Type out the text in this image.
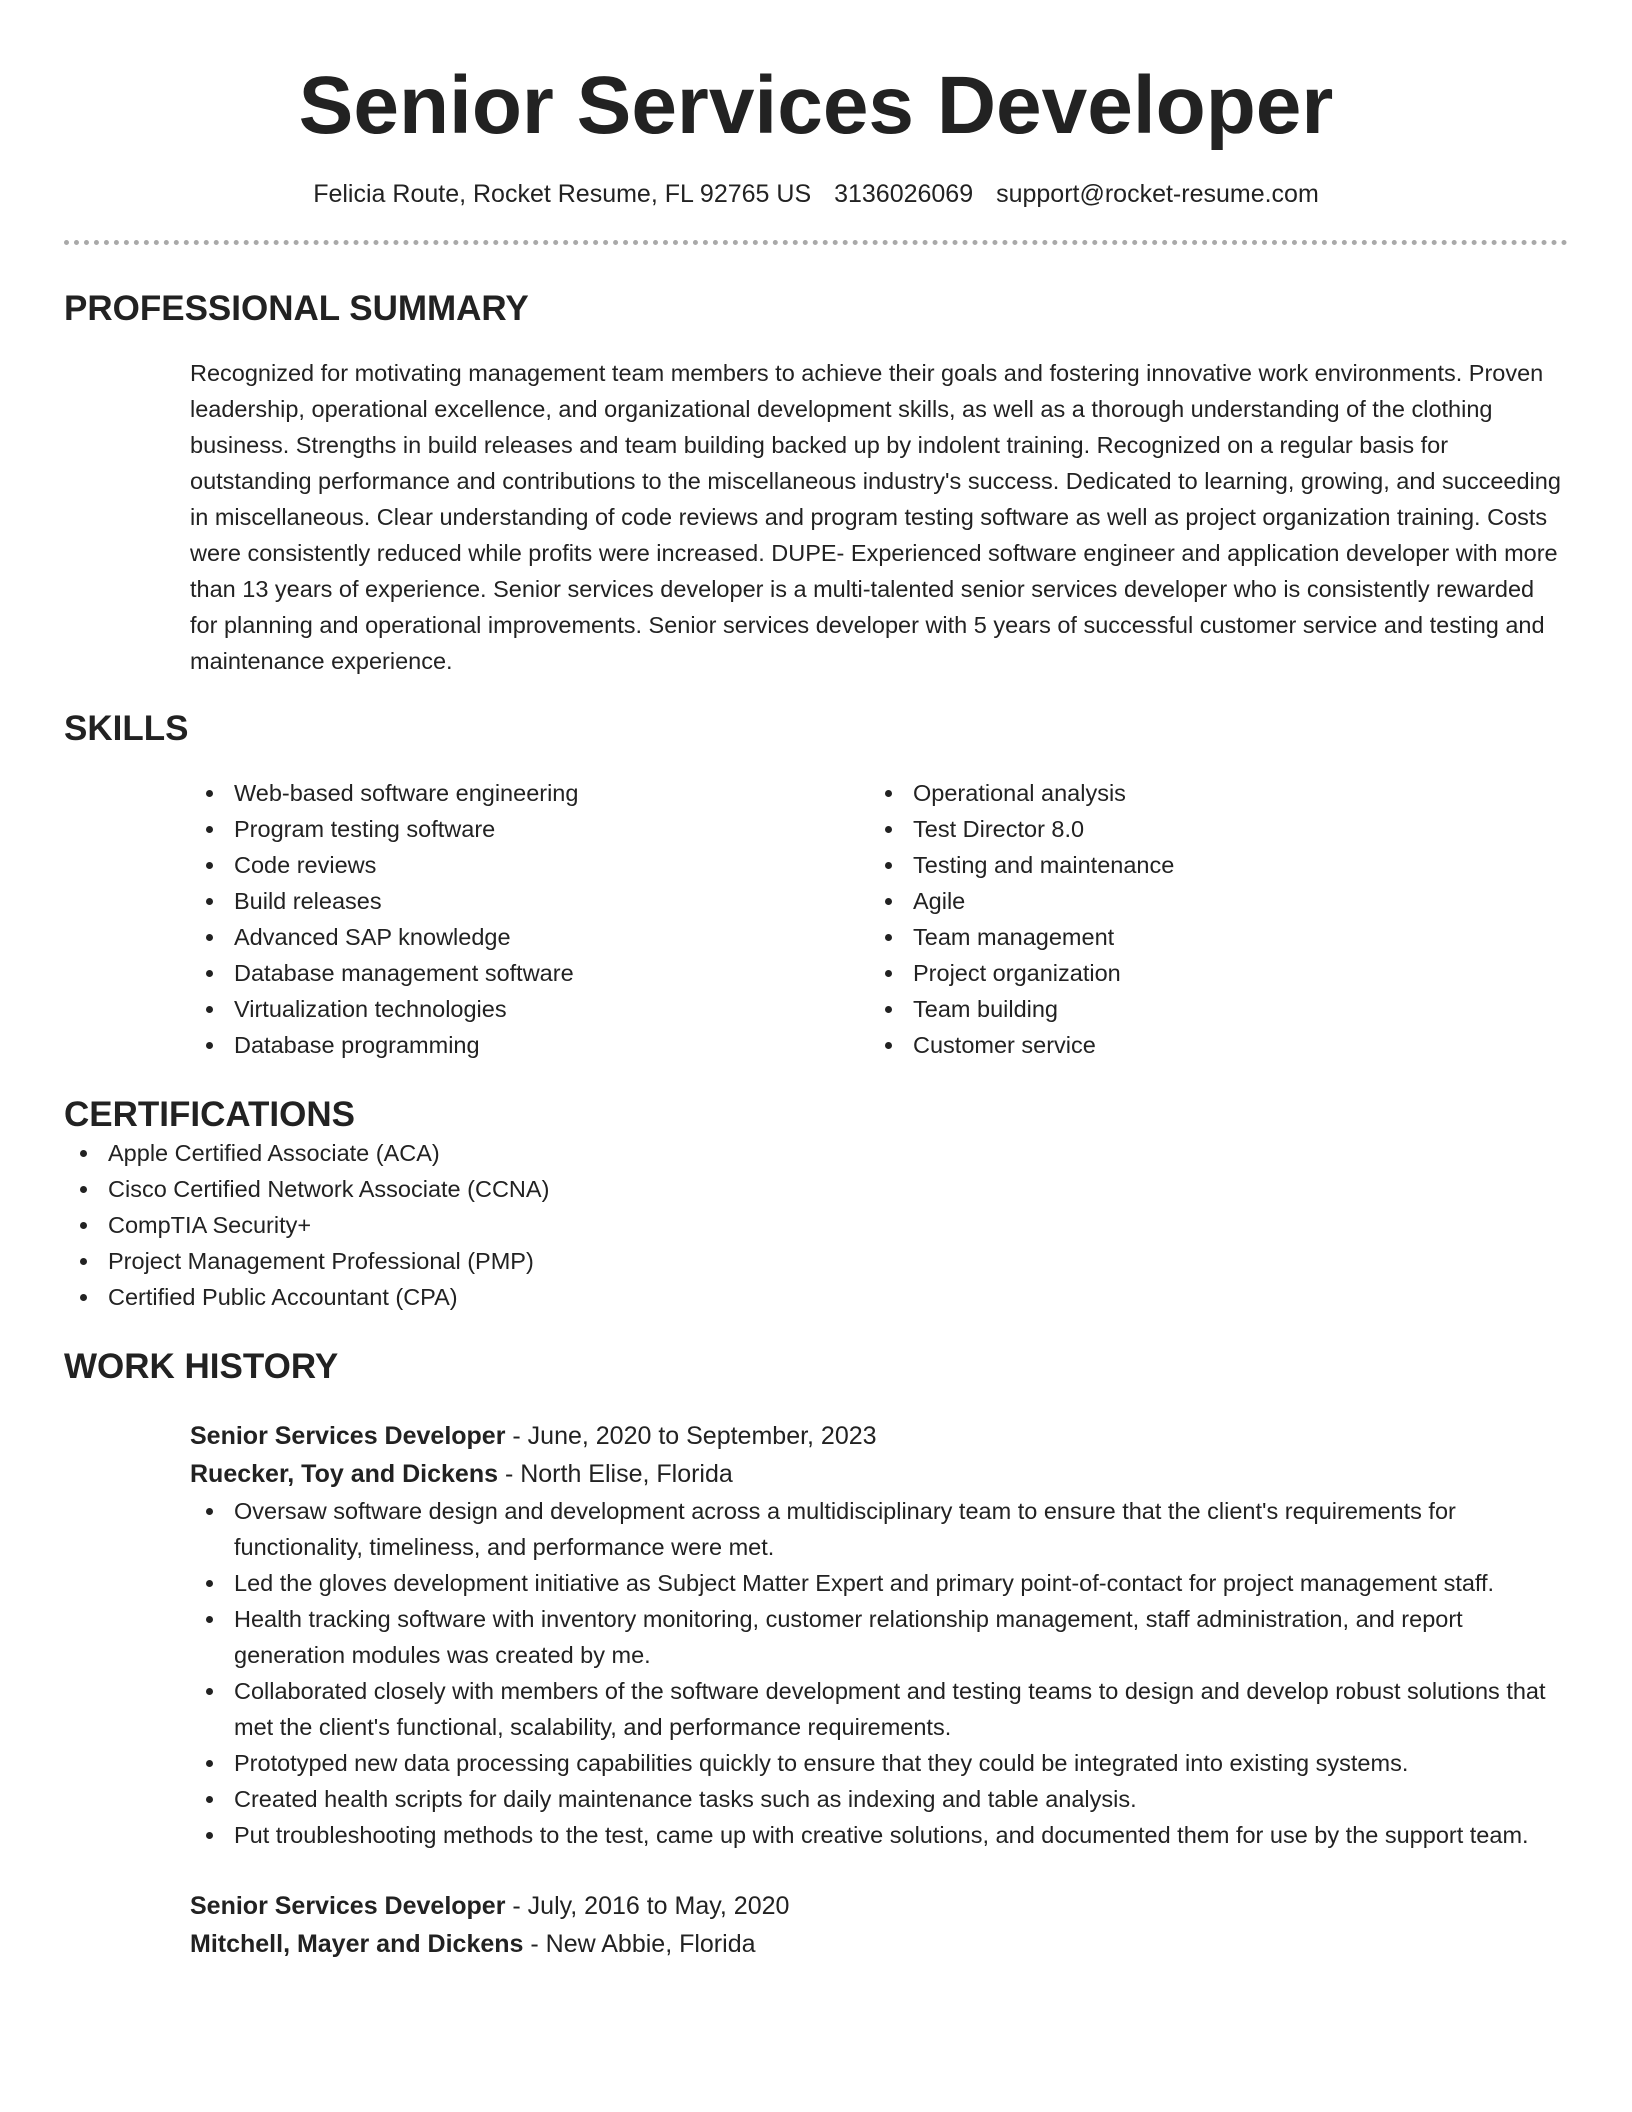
Senior Services Developer
Felicia Route, Rocket Resume, FL 92765 US 3136026069 support@rocket-resume.com
PROFESSIONAL SUMMARY

Recognized for motivating management team members to achieve their goals and fostering innovative work environments. Proven leadership, operational excellence, and organizational development skills, as well as a thorough understanding of the clothing business. Strengths in build releases and team building backed up by indolent training. Recognized on a regular basis for outstanding performance and contributions to the miscellaneous industry's success. Dedicated to learning, growing, and succeeding in miscellaneous. Clear understanding of code reviews and program testing software as well as project organization training. Costs were consistently reduced while profits were increased. DUPE- Experienced software engineer and application developer with more than 13 years of experience. Senior services developer is a multi-talented senior services developer who is consistently rewarded for planning and operational improvements. Senior services developer with 5 years of successful customer service and testing and maintenance experience.

SKILLS
Web-based software engineering
Program testing software
Code reviews
Build releases
Advanced SAP knowledge
Database management software
Virtualization technologies
Database programming
Operational analysis
Test Director 8.0
Testing and maintenance
Agile
Team management
Project organization
Team building
Customer service
CERTIFICATIONS
Apple Certified Associate (ACA)
Cisco Certified Network Associate (CCNA)
CompTIA Security+
Project Management Professional (PMP)
Certified Public Accountant (CPA)
WORK HISTORY
Senior Services Developer - June, 2020 to September, 2023
Ruecker, Toy and Dickens - North Elise, Florida
Oversaw software design and development across a multidisciplinary team to ensure that the client's requirements for functionality, timeliness, and performance were met.
Led the gloves development initiative as Subject Matter Expert and primary point-of-contact for project management staff.
Health tracking software with inventory monitoring, customer relationship management, staff administration, and report generation modules was created by me.
Collaborated closely with members of the software development and testing teams to design and develop robust solutions that met the client's functional, scalability, and performance requirements.
Prototyped new data processing capabilities quickly to ensure that they could be integrated into existing systems.
Created health scripts for daily maintenance tasks such as indexing and table analysis.
Put troubleshooting methods to the test, came up with creative solutions, and documented them for use by the support team.
Senior Services Developer - July, 2016 to May, 2020
Mitchell, Mayer and Dickens - New Abbie, Florida
